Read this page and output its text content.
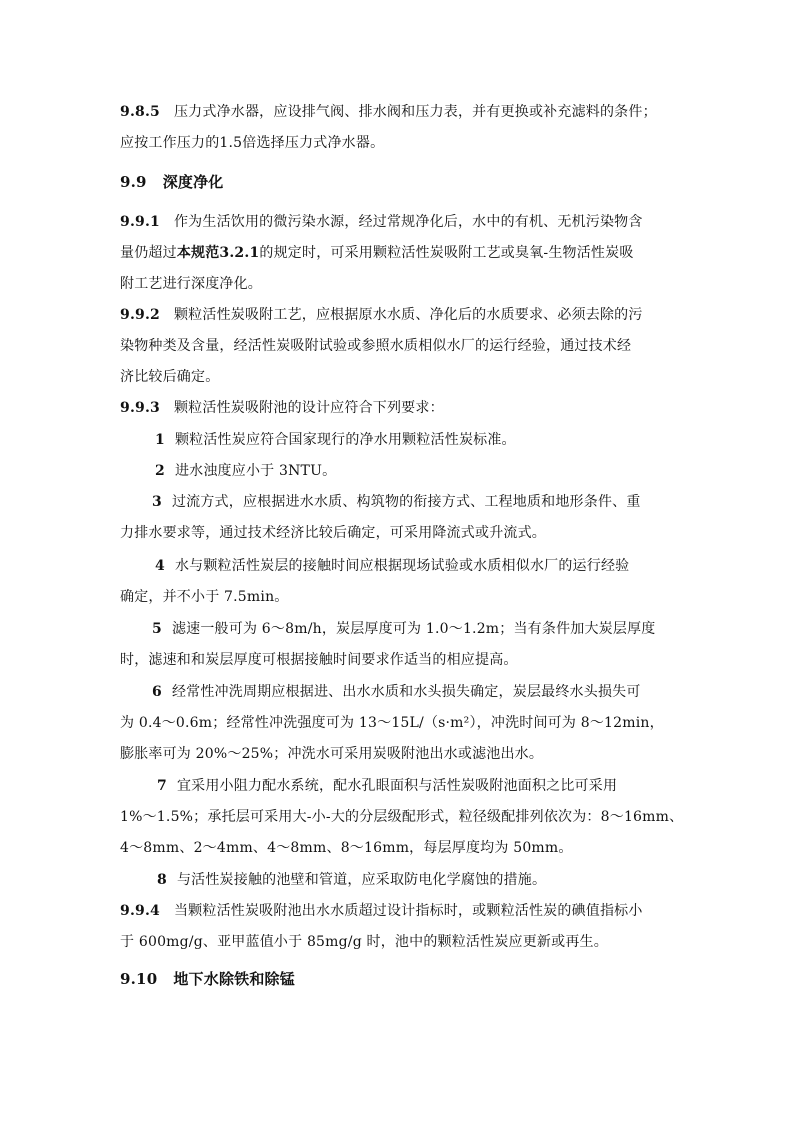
9.8.5 压力式净水器，应设排气阀、排水阀和压力表，并有更换或补充滤料的条件；
应按工作压力的1.5倍选择压力式净水器。
9.9 深度净化
9.9.1 作为生活饮用的微污染水源，经过常规净化后，水中的有机、无机污染物含
量仍超过本规范3.2.1的规定时，可采用颗粒活性炭吸附工艺或臭氧-生物活性炭吸
附工艺进行深度净化。
9.9.2 颗粒活性炭吸附工艺，应根据原水水质、净化后的水质要求、必须去除的污
染物种类及含量，经活性炭吸附试验或参照水质相似水厂的运行经验，通过技术经
济比较后确定。
9.9.3 颗粒活性炭吸附池的设计应符合下列要求：
1 颗粒活性炭应符合国家现行的净水用颗粒活性炭标准。
2 进水浊度应小于 3NTU。
3 过流方式，应根据进水水质、构筑物的衔接方式、工程地质和地形条件、重
力排水要求等，通过技术经济比较后确定，可采用降流式或升流式。
4 水与颗粒活性炭层的接触时间应根据现场试验或水质相似水厂的运行经验
确定，并不小于 7.5min。
5 滤速一般可为 6～8m/h，炭层厚度可为 1.0～1.2m；当有条件加大炭层厚度
时，滤速和和炭层厚度可根据接触时间要求作适当的相应提高。
6 经常性冲洗周期应根据进、出水水质和水头损失确定，炭层最终水头损失可
为 0.4～0.6m；经常性冲洗强度可为 13～15L/（s·m²），冲洗时间可为 8～12min，
膨胀率可为 20%～25%；冲洗水可采用炭吸附池出水或滤池出水。
7 宜采用小阻力配水系统，配水孔眼面积与活性炭吸附池面积之比可采用
1%～1.5%；承托层可采用大-小-大的分层级配形式，粒径级配排列依次为：8～16mm、
4～8mm、2～4mm、4～8mm、8～16mm，每层厚度均为 50mm。
8 与活性炭接触的池壁和管道，应采取防电化学腐蚀的措施。
9.9.4 当颗粒活性炭吸附池出水水质超过设计指标时，或颗粒活性炭的碘值指标小
于 600mg/g、亚甲蓝值小于 85mg/g 时，池中的颗粒活性炭应更新或再生。
9.10 地下水除铁和除锰
